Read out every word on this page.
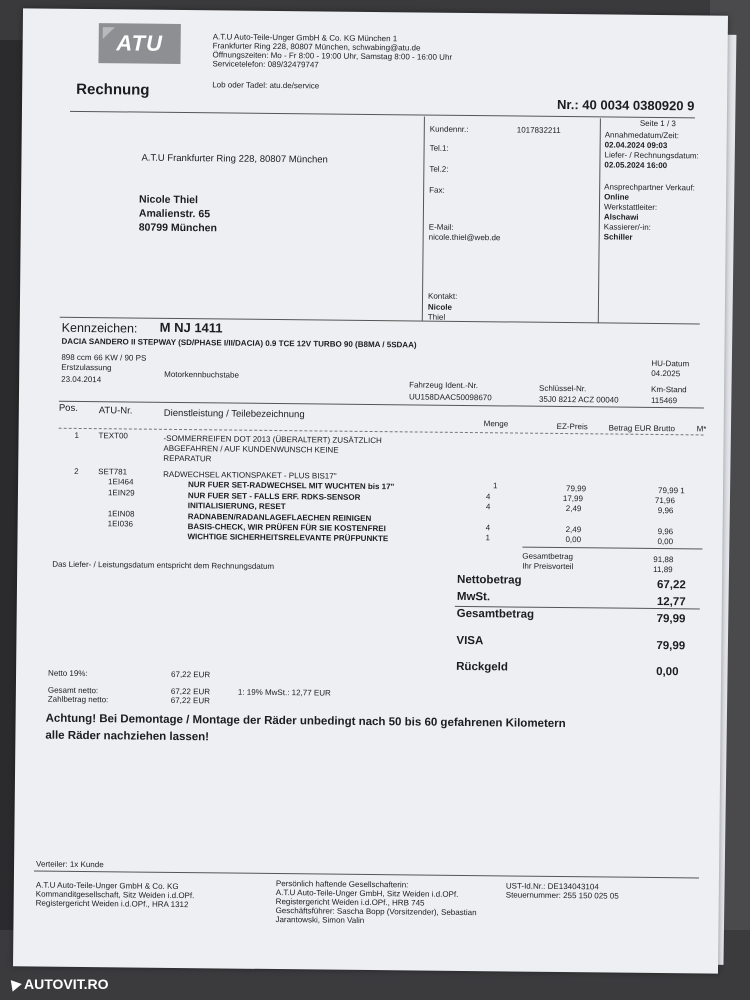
ATU	A.T.U Auto-Teile-Unger GmbH & Co. KG München 1
Frankfurter Ring 228, 80807 München, schwabing@atu.de
Öffnungszeiten: Mo - Fr 8:00 - 19:00 Uhr, Samstag 8:00 - 16:00 Uhr
Servicetelefon: 089/32479747
Lob oder Tadel: atu.de/service
Rechnung
Nr.: 40 0034 0380920 9
Seite 1 / 3
A.T.U Frankfurter Ring 228, 80807 München
Nicole Thiel
Amalienstr. 65
80799 München
Kundennr.:	1017832211
Tel.1:
Tel.2:
Fax:
E-Mail:
nicole.thiel@web.de
Kontakt:
Nicole
Thiel
Annahmedatum/Zeit:
02.04.2024 09:03
Liefer- / Rechnungsdatum:
02.05.2024 16:00
Ansprechpartner Verkauf:
Online
Werkstattleiter:
Alschawi
Kassierer/-in:
Schiller
Kennzeichen: M NJ 1411
DACIA SANDERO II STEPWAY (SD/PHASE I/II/DACIA) 0.9 TCE 12V TURBO 90 (B8MA / 5SDAA)
898 ccm 66 KW / 90 PS
Erstzulassung
23.04.2014	Motorkennbuchstabe
Fahrzeug Ident.-Nr.
UU158DAAC50098670
Schlüssel-Nr.
35J0 8212 ACZ 00040
HU-Datum
04.2025
Km-Stand
115469
Pos. ATU-Nr.	Dienstleistung / Teilebezeichnung
Menge	EZ-Preis	Betrag EUR Brutto	M*
1 TEXT00	-SOMMERREIFEN DOT 2013 (ÜBERALTERT) ZUSÄTZLICH
ABGEFAHREN / AUF KUNDENWUNSCH KEINE
REPARATUR
2 SET781	RADWECHSEL AKTIONSPAKET - PLUS BIS17"
1	79,99	79,99 1
1EI464	NUR FUER SET-RADWECHSEL MIT WUCHTEN bis 17"
1EIN29	NUR FUER SET - FALLS ERF. RDKS-SENSOR	4	17,99	71,96
INITIALISIERUNG, RESET	4	2,49	9,96
1EIN08	RADNABEN/RADANLAGEFLAECHEN REINIGEN
1EI036	BASIS-CHECK, WIR PRÜFEN FÜR SIE KOSTENFREI	4	2,49	9,96
WICHTIGE SICHERHEITSRELEVANTE PRÜFPUNKTE	1	0,00	0,00
Gesamtbetrag	91,88
Ihr Preisvorteil	11,89
Das Liefer- / Leistungsdatum entspricht dem Rechnungsdatum
Nettobetrag	67,22
MwSt.	12,77
Gesamtbetrag	79,99
VISA	79,99
Rückgeld	0,00
Netto 19%:	67,22 EUR
Gesamt netto:	67,22 EUR	1: 19% MwSt.: 12,77 EUR
Zahlbetrag netto:	67,22 EUR
Achtung! Bei Demontage / Montage der Räder unbedingt nach 50 bis 60 gefahrenen Kilometern
alle Räder nachziehen lassen!
Verteiler: 1x Kunde
A.T.U Auto-Teile-Unger GmbH & Co. KG
Kommanditgesellschaft, Sitz Weiden i.d.OPf.
Registergericht Weiden i.d.OPf., HRA 1312
Persönlich haftende Gesellschafterin:
A.T.U Auto-Teile-Unger GmbH, Sitz Weiden i.d.OPf.
Registergericht Weiden i.d.OPf., HRB 745
Geschäftsführer: Sascha Bopp (Vorsitzender), Sebastian
Jarantowski, Simon Valin
UST-Id.Nr.: DE134043104
Steuernummer: 255 150 025 05
AUTOVIT.RO
